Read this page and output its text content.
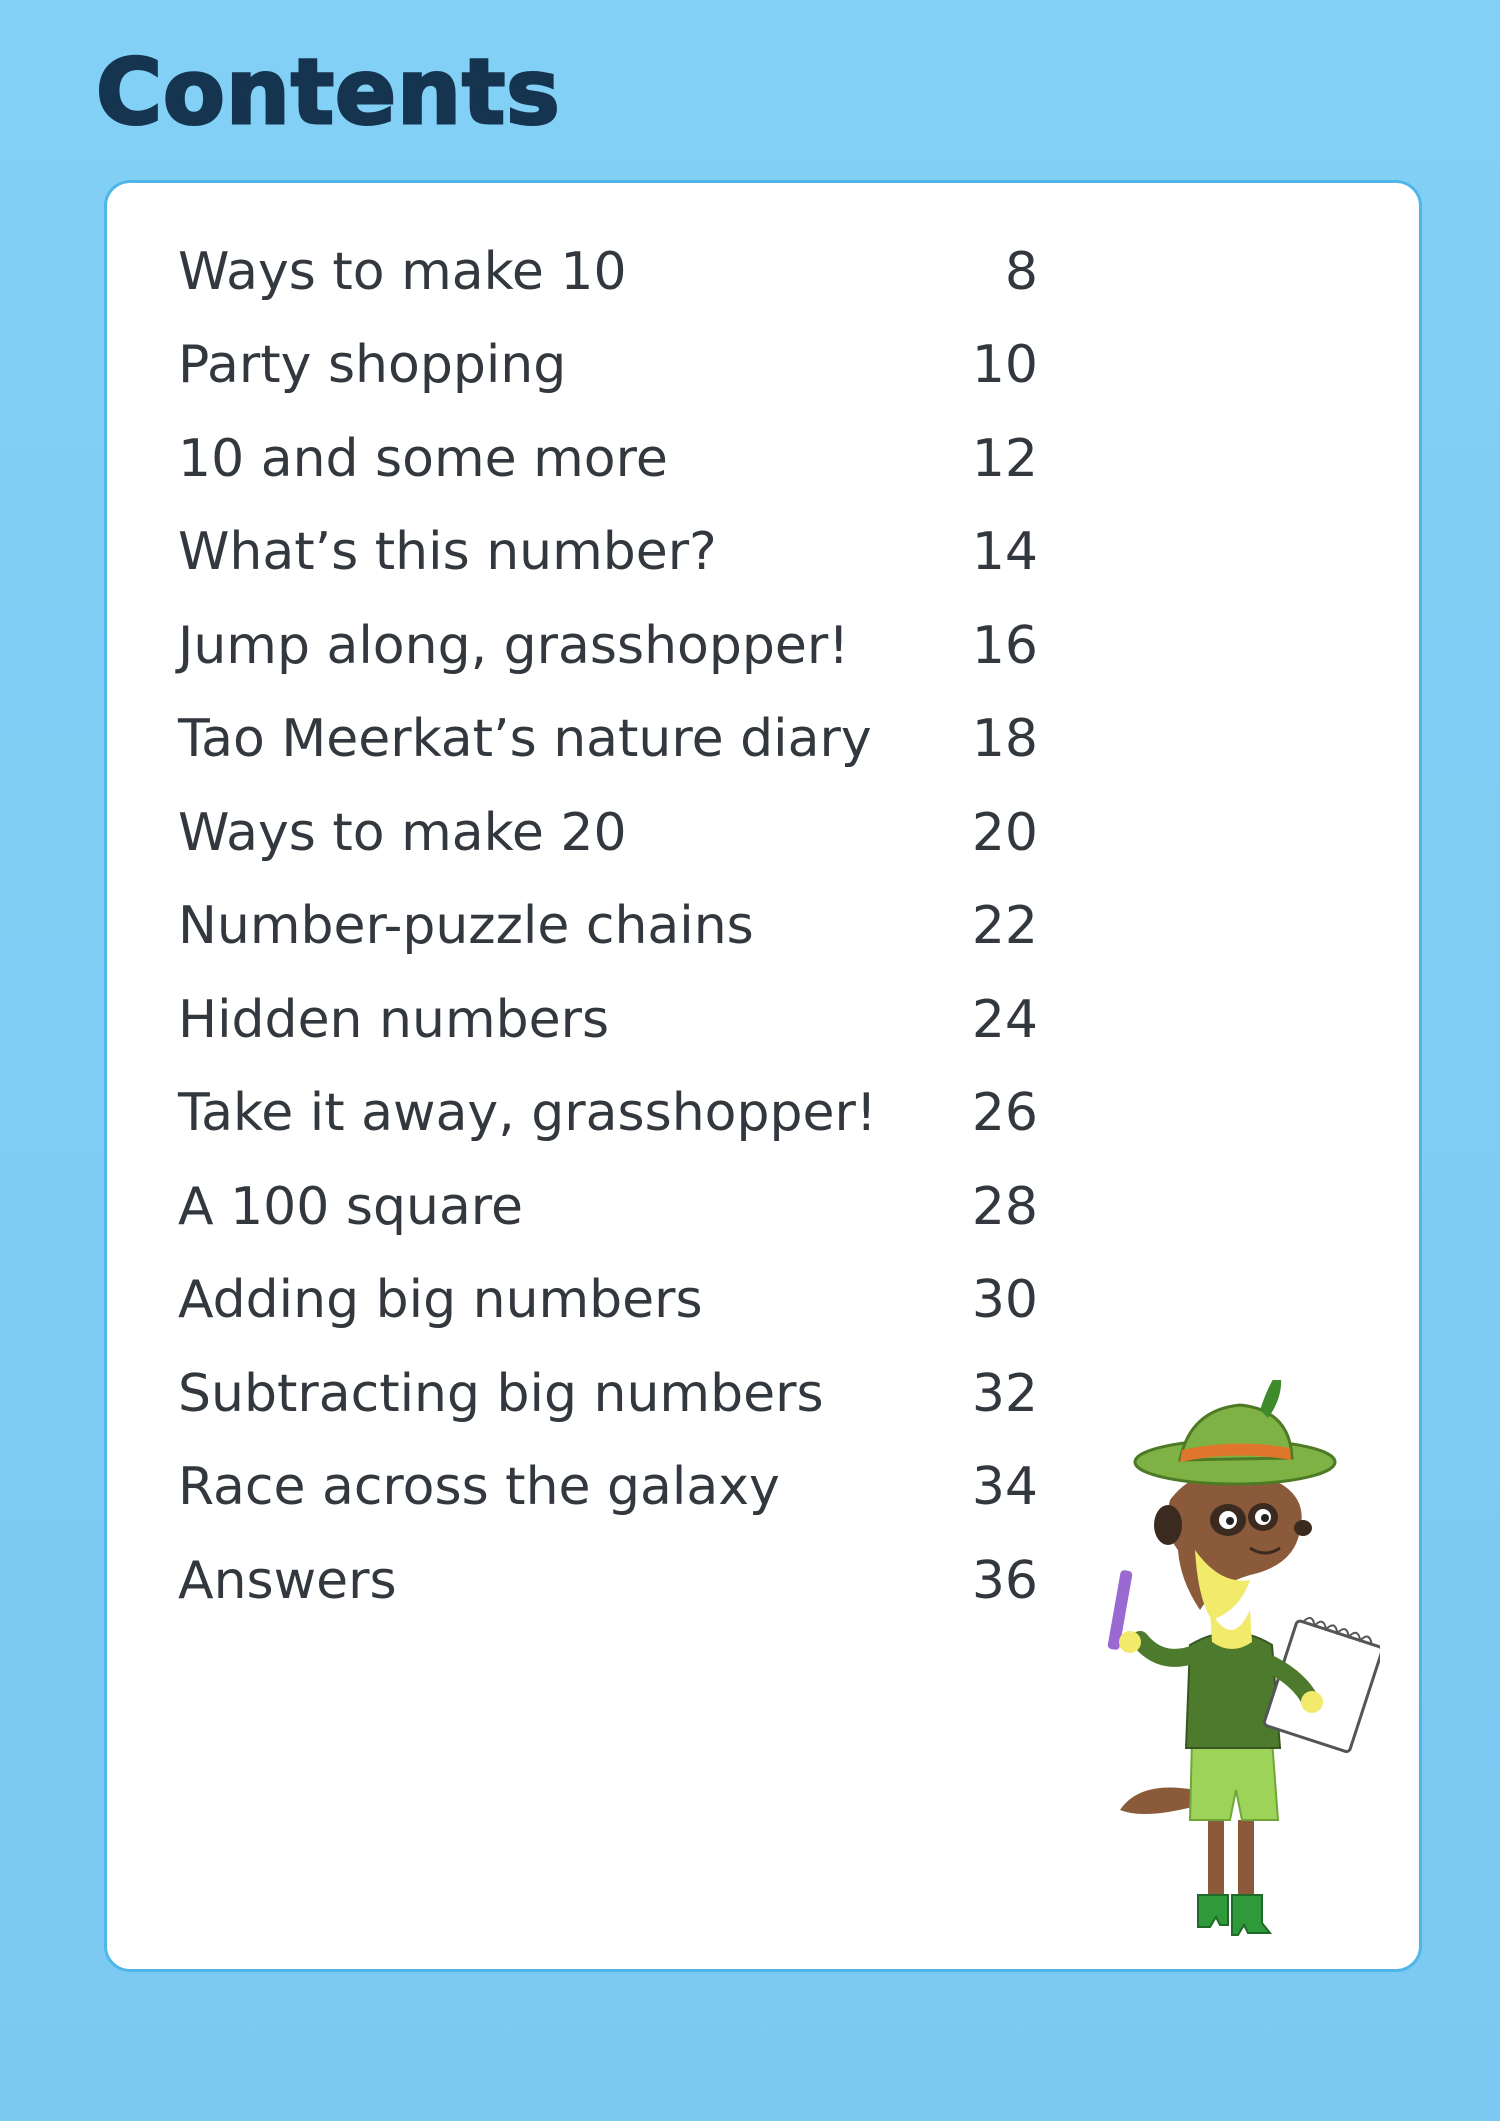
Contents
Ways to make 10	8
Party shopping	10
10 and some more	12
What’s this number?	14
Jump along, grasshopper! 16
Tao Meerkat’s nature diary 18
Ways to make 20	20
Number-puzzle chains	22
Hidden numbers	24
Take it away, grasshopper! 26
A 100 square	28
Adding big numbers	30
Subtracting big numbers	32
Race across the galaxy	34
Answers	36
